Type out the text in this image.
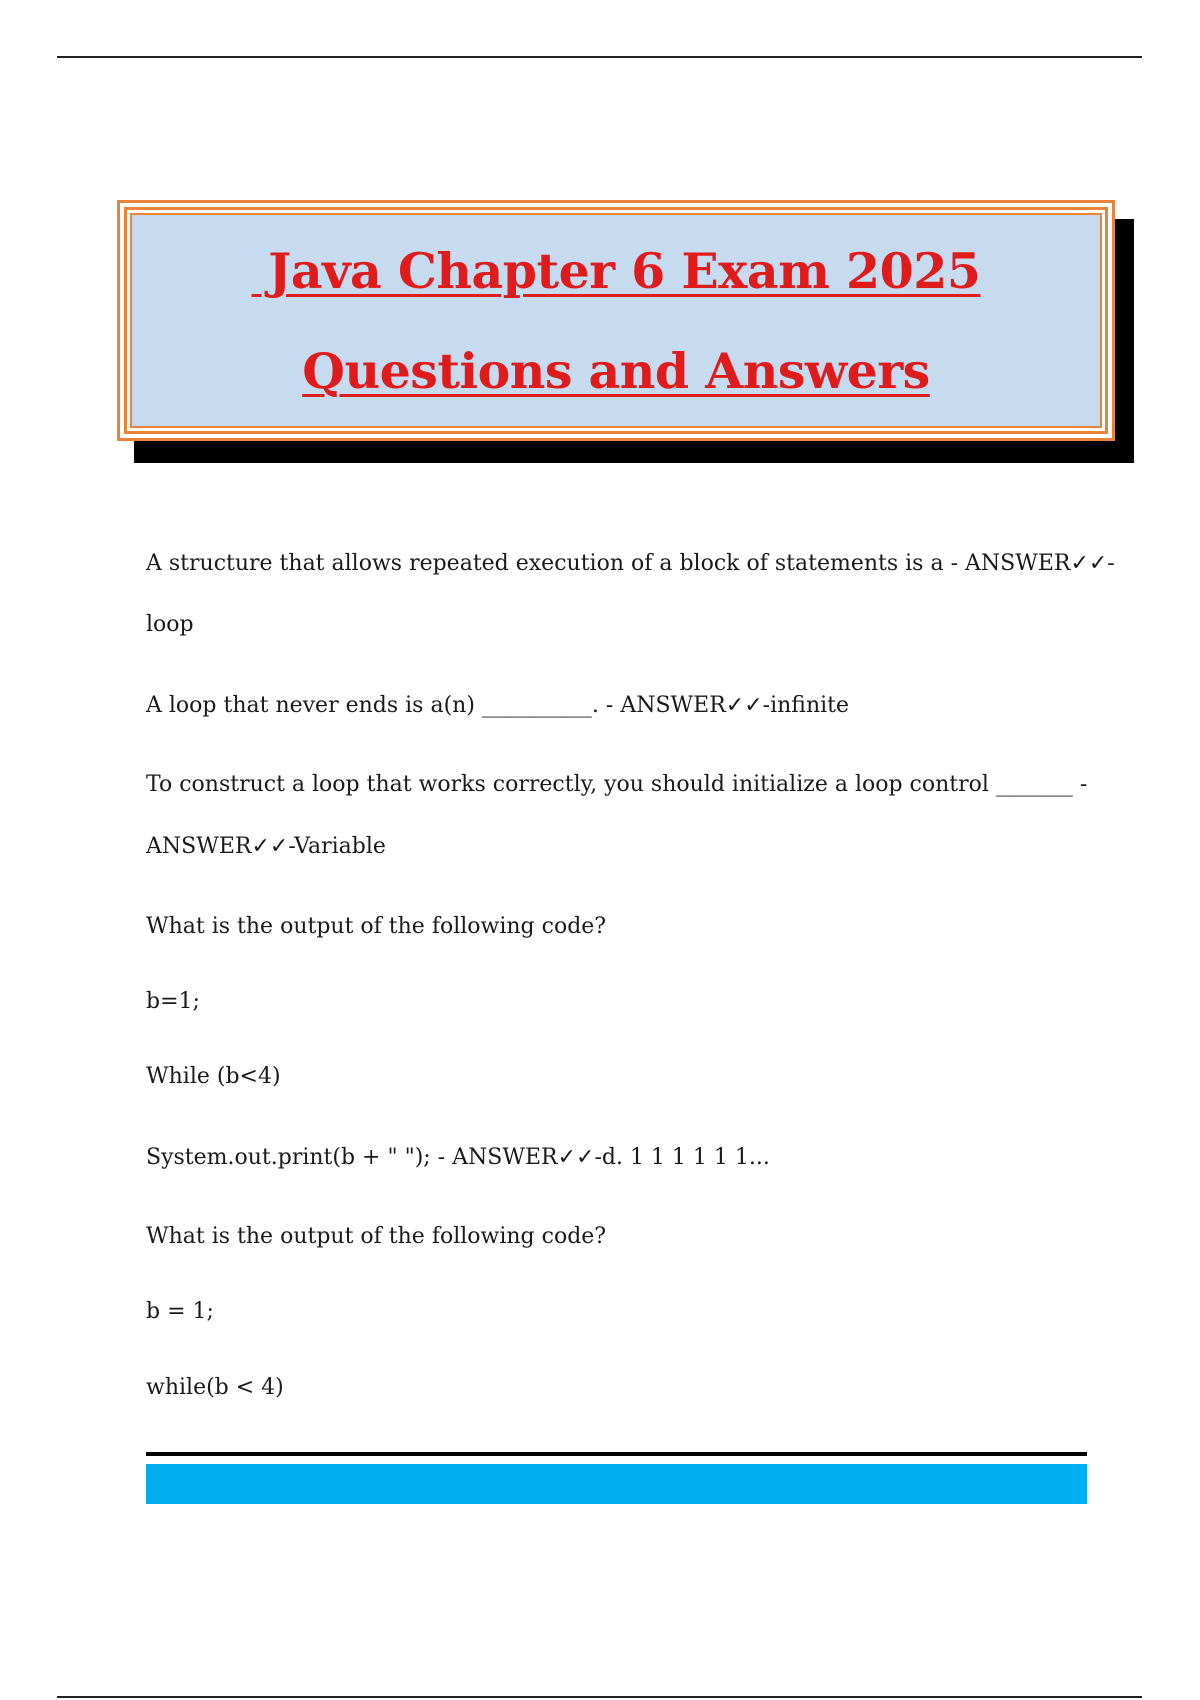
Java Chapter 6 Exam 2025
Questions and Answers
A structure that allows repeated execution of a block of statements is a - ANSWER✓✓-
loop
A loop that never ends is a(n) __________. - ANSWER✓✓-infinite
To construct a loop that works correctly, you should initialize a loop control _______ -
ANSWER✓✓-Variable
What is the output of the following code?
b=1;
While (b<4)
System.out.print(b + " "); - ANSWER✓✓-d. 1 1 1 1 1 1...
What is the output of the following code?
b = 1;
while(b < 4)
